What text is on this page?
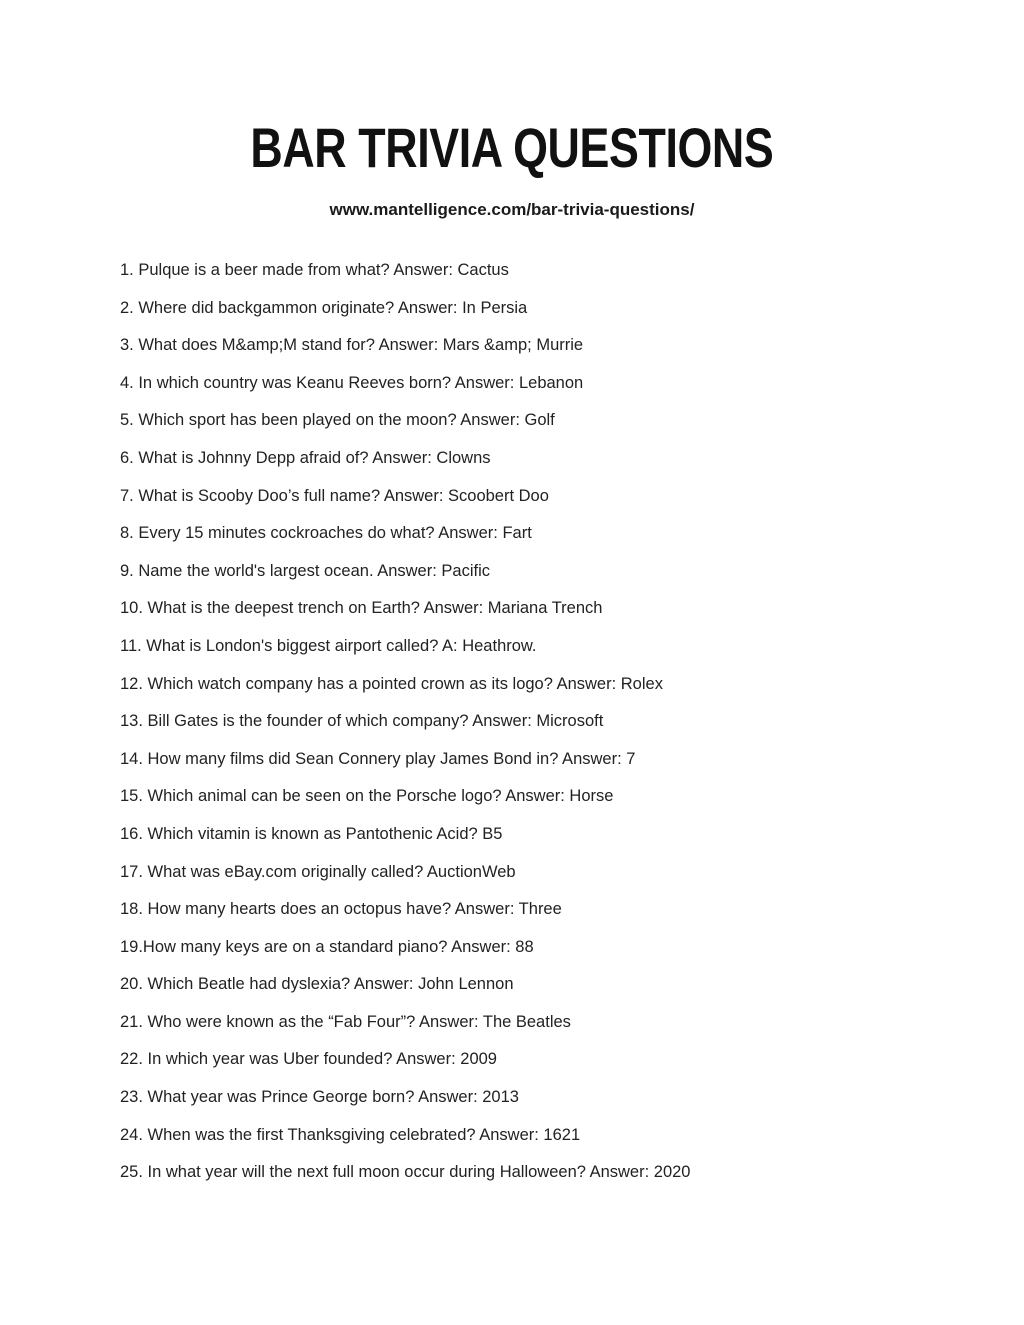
BAR TRIVIA QUESTIONS

www.mantelligence.com/bar-trivia-questions/

1. Pulque is a beer made from what? Answer: Cactus

2. Where did backgammon originate? Answer: In Persia

3. What does M&amp;M stand for? Answer: Mars &amp; Murrie

4. In which country was Keanu Reeves born? Answer: Lebanon

5. Which sport has been played on the moon? Answer: Golf

6. What is Johnny Depp afraid of? Answer: Clowns

7. What is Scooby Doo’s full name? Answer: Scoobert Doo

8. Every 15 minutes cockroaches do what? Answer: Fart

9. Name the world's largest ocean. Answer: Pacific

10. What is the deepest trench on Earth? Answer: Mariana Trench

11. What is London's biggest airport called? A: Heathrow.

12. Which watch company has a pointed crown as its logo? Answer: Rolex

13. Bill Gates is the founder of which company? Answer: Microsoft

14. How many films did Sean Connery play James Bond in? Answer: 7

15. Which animal can be seen on the Porsche logo? Answer: Horse

16. Which vitamin is known as Pantothenic Acid? B5

17. What was eBay.com originally called? AuctionWeb

18. How many hearts does an octopus have? Answer: Three

19.How many keys are on a standard piano? Answer: 88

20. Which Beatle had dyslexia? Answer: John Lennon

21. Who were known as the “Fab Four”? Answer: The Beatles

22. In which year was Uber founded? Answer: 2009

23. What year was Prince George born? Answer: 2013

24. When was the first Thanksgiving celebrated? Answer: 1621

25. In what year will the next full moon occur during Halloween? Answer: 2020
